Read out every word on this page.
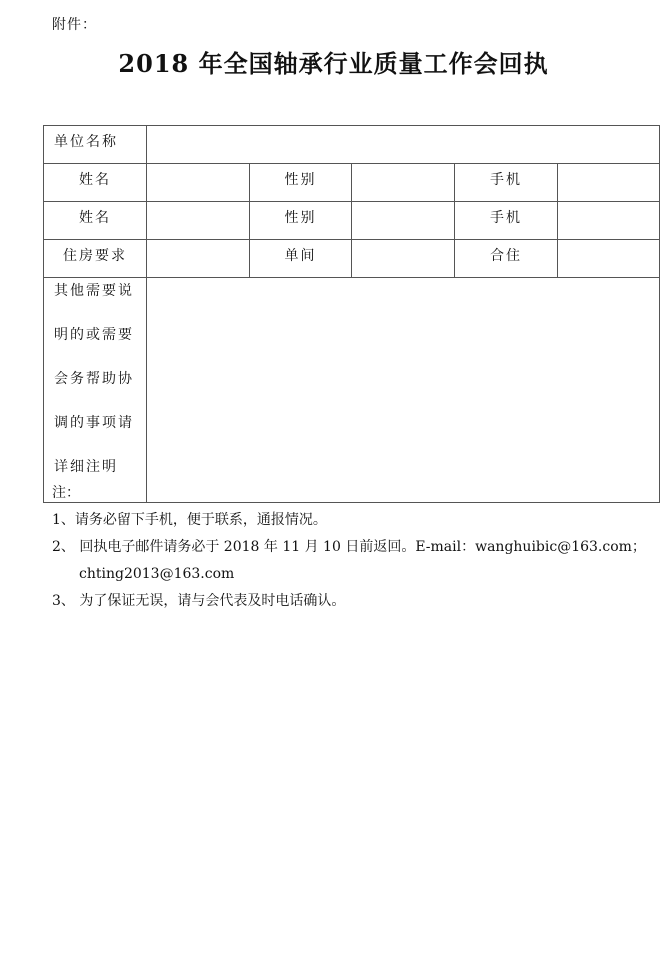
附件：
2018 年全国轴承行业质量工作会回执
单位名称					
姓名		性别		手机	
姓名		性别		手机	
住房要求		单间		合住	

其他需要说
明的或需要
会务帮助协
调的事项请
详细注明					

注：
1、请务必留下手机，便于联系，通报情况。
2、 回执电子邮件请务必于 2018 年 11 月 10 日前返回。E-mail：wanghuibic@163.com；
chting2013@163.com
3、 为了保证无误，请与会代表及时电话确认。
